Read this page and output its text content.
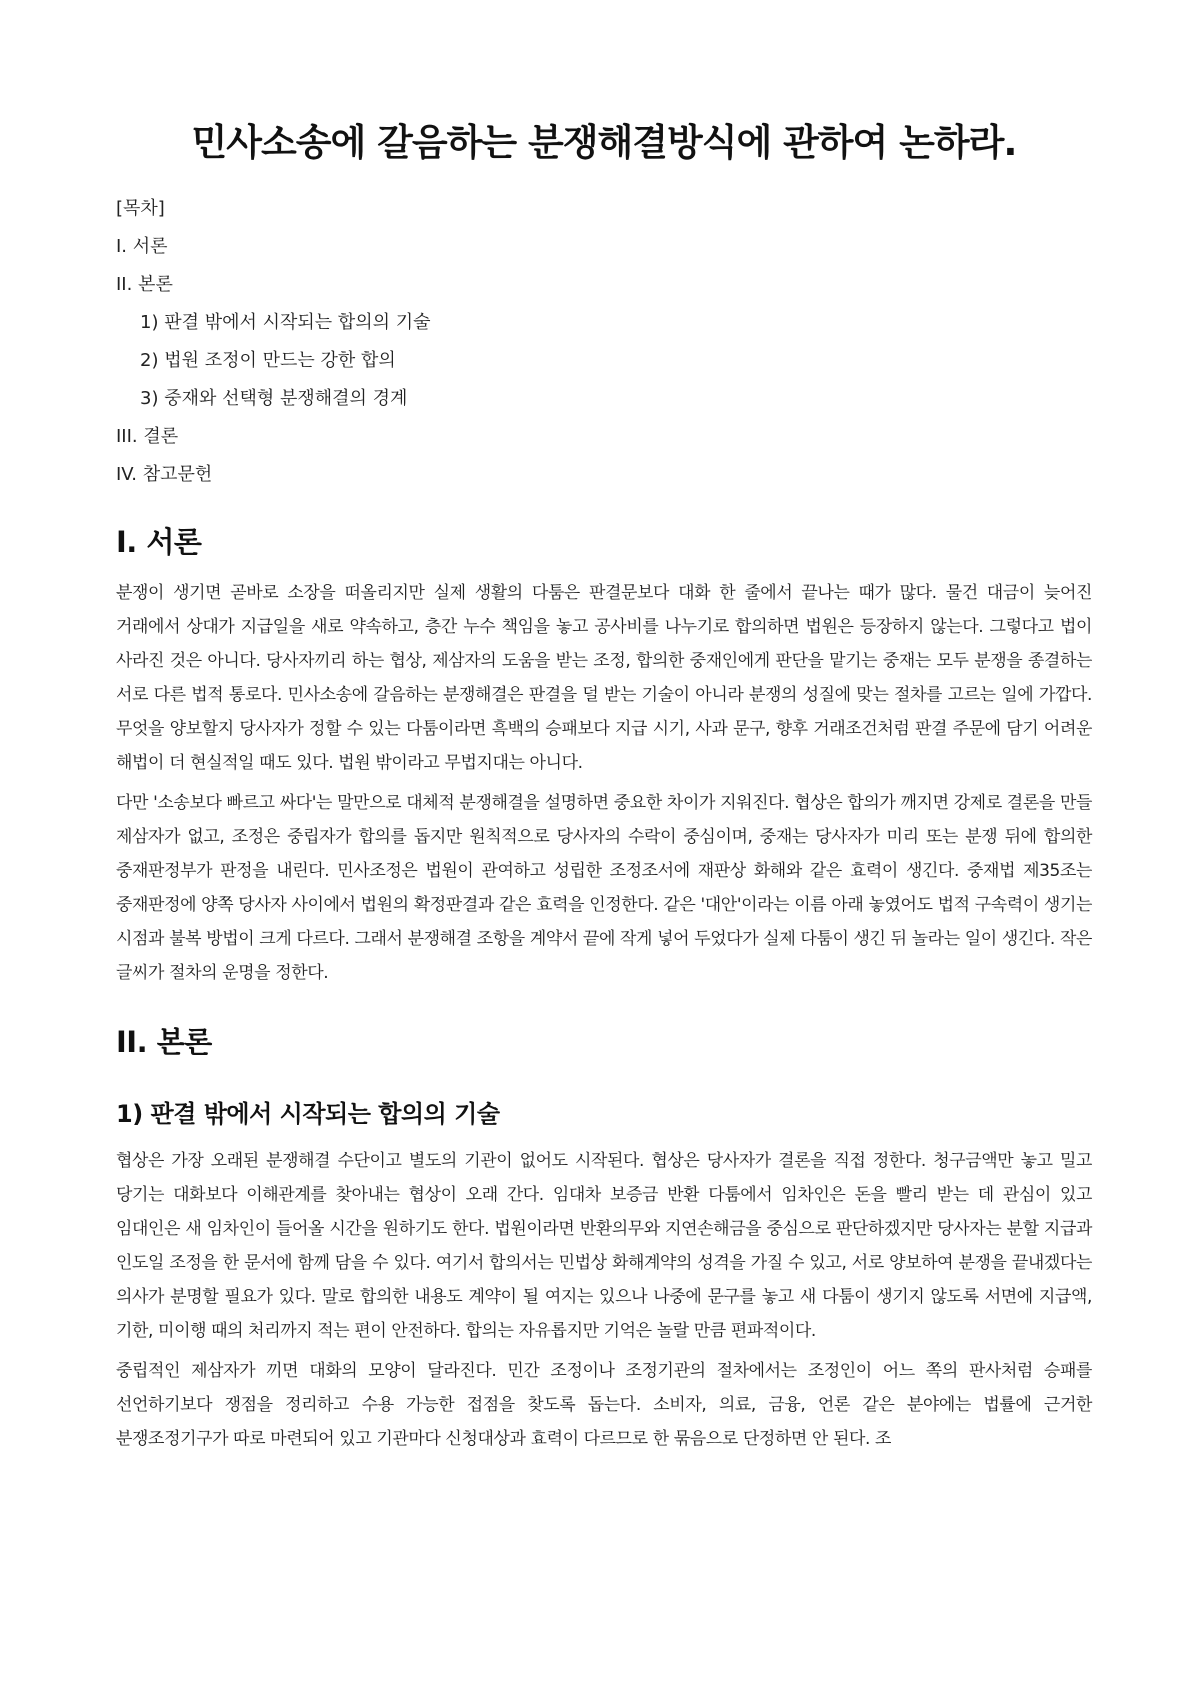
민사소송에 갈음하는 분쟁해결방식에 관하여 논하라.
[목차]
I. 서론
II. 본론
1) 판결 밖에서 시작되는 합의의 기술
2) 법원 조정이 만드는 강한 합의
3) 중재와 선택형 분쟁해결의 경계
III. 결론
IV. 참고문헌
I. 서론

분쟁이 생기면 곧바로 소장을 떠올리지만 실제 생활의 다툼은 판결문보다 대화 한 줄에서 끝나는 때가 많다. 물건 대금이 늦어진 거래에서 상대가 지급일을 새로 약속하고, 층간 누수 책임을 놓고 공사비를 나누기로 합의하면 법원은 등장하지 않는다. 그렇다고 법이 사라진 것은 아니다. 당사자끼리 하는 협상, 제삼자의 도움을 받는 조정, 합의한 중재인에게 판단을 맡기는 중재는 모두 분쟁을 종결하는 서로 다른 법적 통로다. 민사소송에 갈음하는 분쟁해결은 판결을 덜 받는 기술이 아니라 분쟁의 성질에 맞는 절차를 고르는 일에 가깝다. 무엇을 양보할지 당사자가 정할 수 있는 다툼이라면 흑백의 승패보다 지급 시기, 사과 문구, 향후 거래조건처럼 판결 주문에 담기 어려운 해법이 더 현실적일 때도 있다. 법원 밖이라고 무법지대는 아니다.

다만 '소송보다 빠르고 싸다'는 말만으로 대체적 분쟁해결을 설명하면 중요한 차이가 지워진다. 협상은 합의가 깨지면 강제로 결론을 만들 제삼자가 없고, 조정은 중립자가 합의를 돕지만 원칙적으로 당사자의 수락이 중심이며, 중재는 당사자가 미리 또는 분쟁 뒤에 합의한 중재판정부가 판정을 내린다. 민사조정은 법원이 관여하고 성립한 조정조서에 재판상 화해와 같은 효력이 생긴다. 중재법 제35조는 중재판정에 양쪽 당사자 사이에서 법원의 확정판결과 같은 효력을 인정한다. 같은 '대안'이라는 이름 아래 놓였어도 법적 구속력이 생기는 시점과 불복 방법이 크게 다르다. 그래서 분쟁해결 조항을 계약서 끝에 작게 넣어 두었다가 실제 다툼이 생긴 뒤 놀라는 일이 생긴다. 작은 글씨가 절차의 운명을 정한다.

II. 본론
1) 판결 밖에서 시작되는 합의의 기술

협상은 가장 오래된 분쟁해결 수단이고 별도의 기관이 없어도 시작된다. 협상은 당사자가 결론을 직접 정한다. 청구금액만 놓고 밀고 당기는 대화보다 이해관계를 찾아내는 협상이 오래 간다. 임대차 보증금 반환 다툼에서 임차인은 돈을 빨리 받는 데 관심이 있고 임대인은 새 임차인이 들어올 시간을 원하기도 한다. 법원이라면 반환의무와 지연손해금을 중심으로 판단하겠지만 당사자는 분할 지급과 인도일 조정을 한 문서에 함께 담을 수 있다. 여기서 합의서는 민법상 화해계약의 성격을 가질 수 있고, 서로 양보하여 분쟁을 끝내겠다는 의사가 분명할 필요가 있다. 말로 합의한 내용도 계약이 될 여지는 있으나 나중에 문구를 놓고 새 다툼이 생기지 않도록 서면에 지급액, 기한, 미이행 때의 처리까지 적는 편이 안전하다. 합의는 자유롭지만 기억은 놀랄 만큼 편파적이다.

중립적인 제삼자가 끼면 대화의 모양이 달라진다. 민간 조정이나 조정기관의 절차에서는 조정인이 어느 쪽의 판사처럼 승패를 선언하기보다 쟁점을 정리하고 수용 가능한 접점을 찾도록 돕는다. 소비자, 의료, 금융, 언론 같은 분야에는 법률에 근거한 분쟁조정기구가 따로 마련되어 있고 기관마다 신청대상과 효력이 다르므로 한 묶음으로 단정하면 안 된다. 조
